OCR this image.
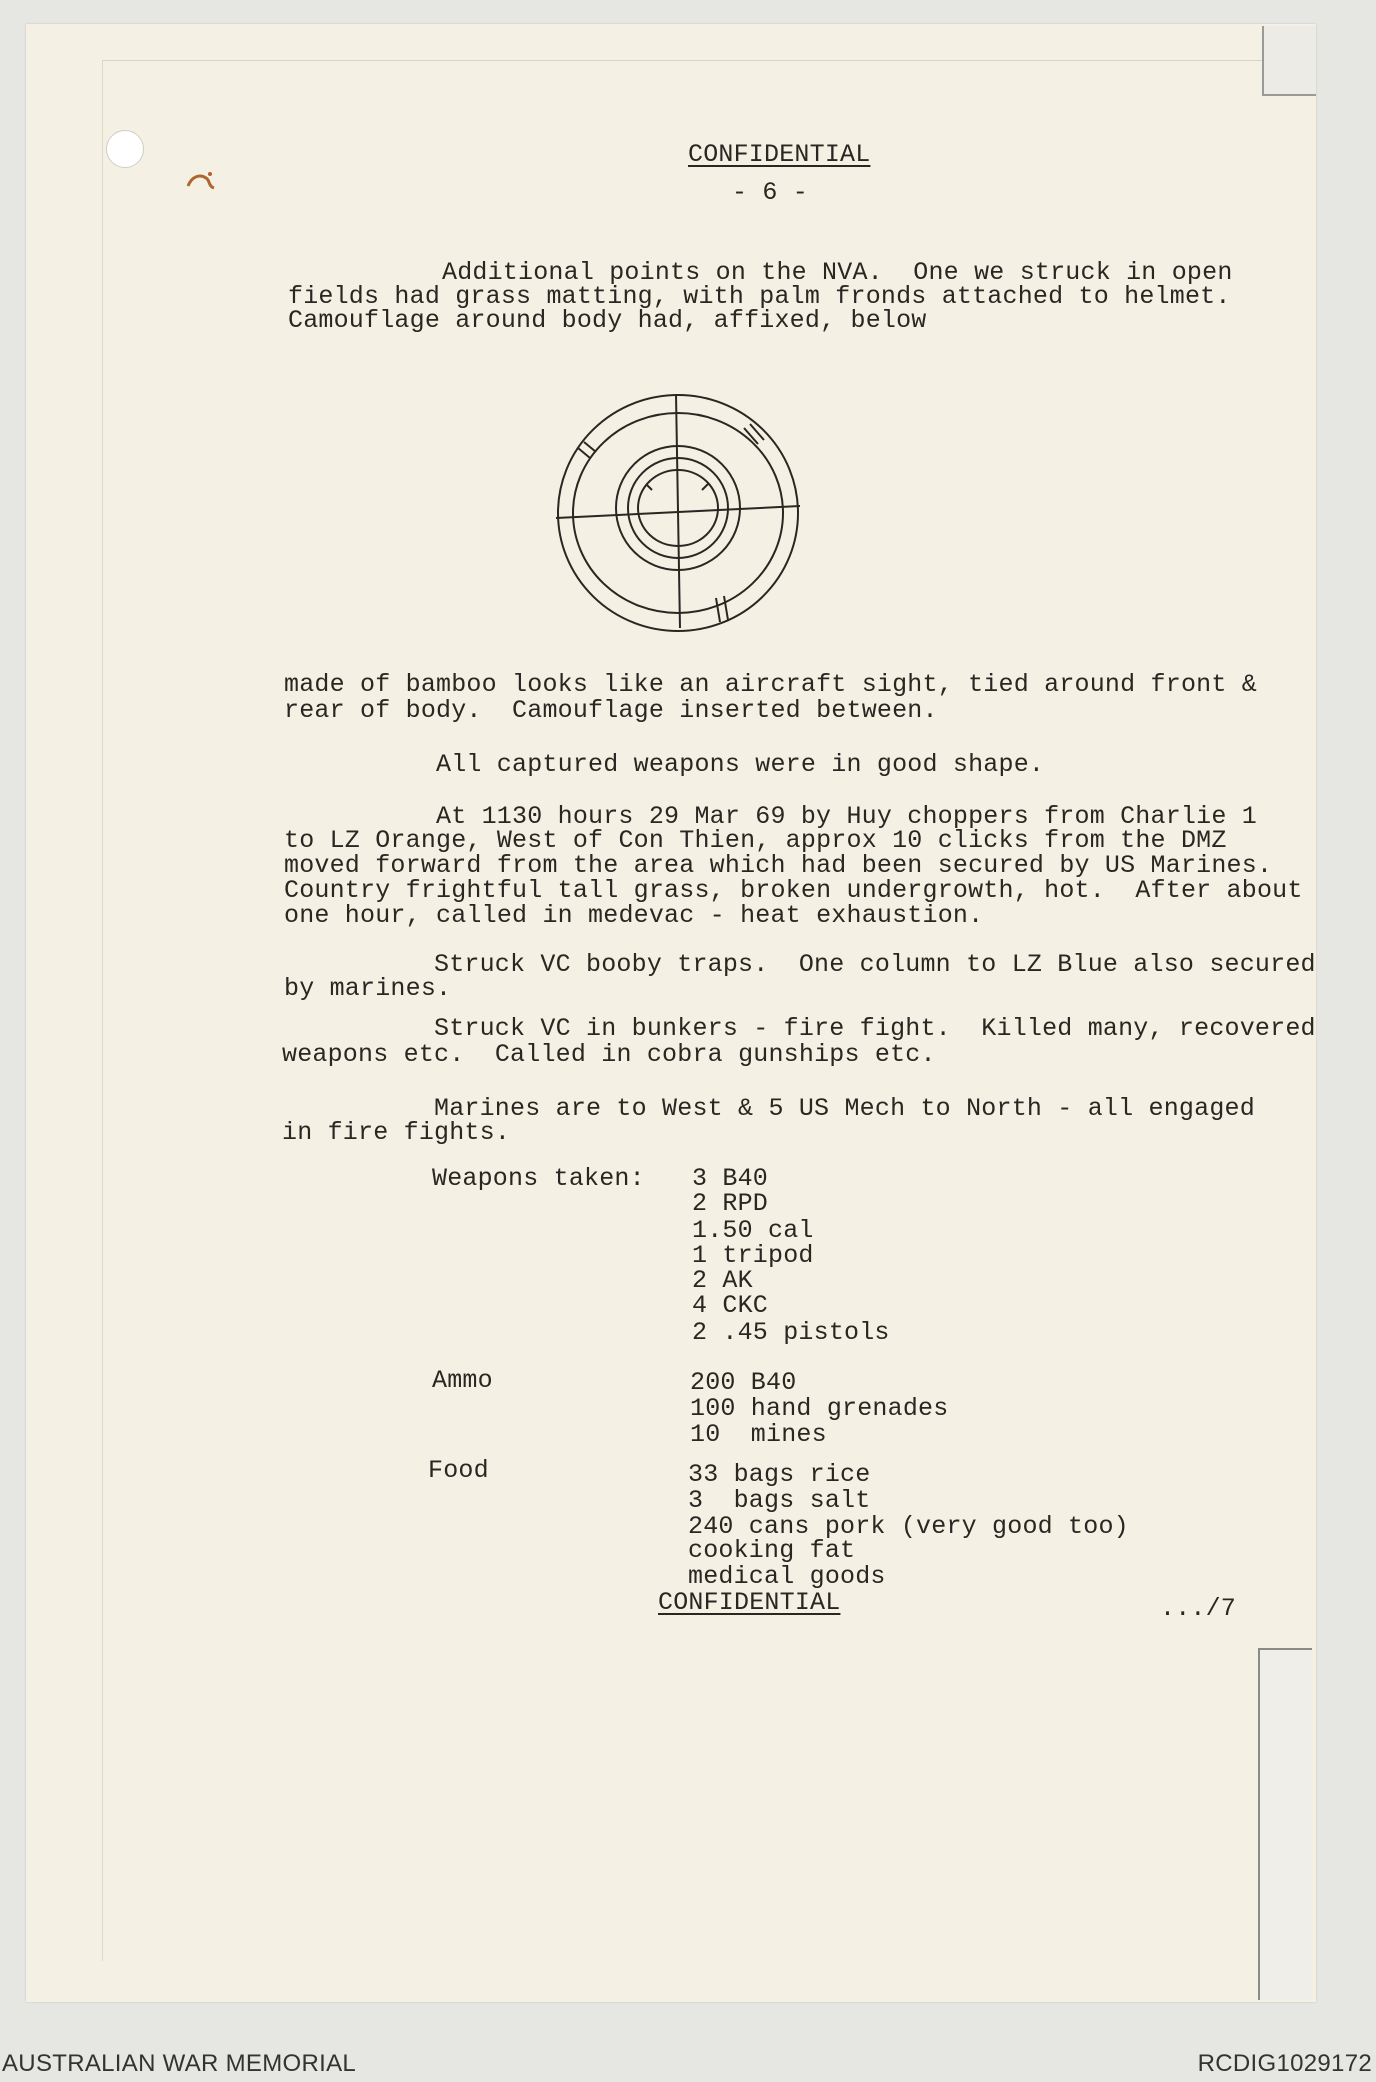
CONFIDENTIAL
- 6 -
Additional points on the NVA.  One we struck in open
fields had grass matting, with palm fronds attached to helmet.
Camouflage around body had, affixed, below
made of bamboo looks like an aircraft sight, tied around front &
rear of body.  Camouflage inserted between.
All captured weapons were in good shape.
At 1130 hours 29 Mar 69 by Huy choppers from Charlie 1
to LZ Orange, West of Con Thien, approx 10 clicks from the DMZ
moved forward from the area which had been secured by US Marines.
Country frightful tall grass, broken undergrowth, hot.  After about
one hour, called in medevac - heat exhaustion.
Struck VC booby traps.  One column to LZ Blue also secured
by marines.
Struck VC in bunkers - fire fight.  Killed many, recovered
weapons etc.  Called in cobra gunships etc.
Marines are to West & 5 US Mech to North - all engaged
in fire fights.
Weapons taken: 3 B40
2 RPD
1.50 cal
1 tripod
2 AK
4 CKC
2 .45 pistols
Ammo	200 B40
100 hand grenades
10  mines
Food	33 bags rice
3  bags salt
240 cans pork (very good too)
cooking fat
medical goods
CONFIDENTIAL	.../7
AUSTRALIAN WAR MEMORIAL	RCDIG1029172
